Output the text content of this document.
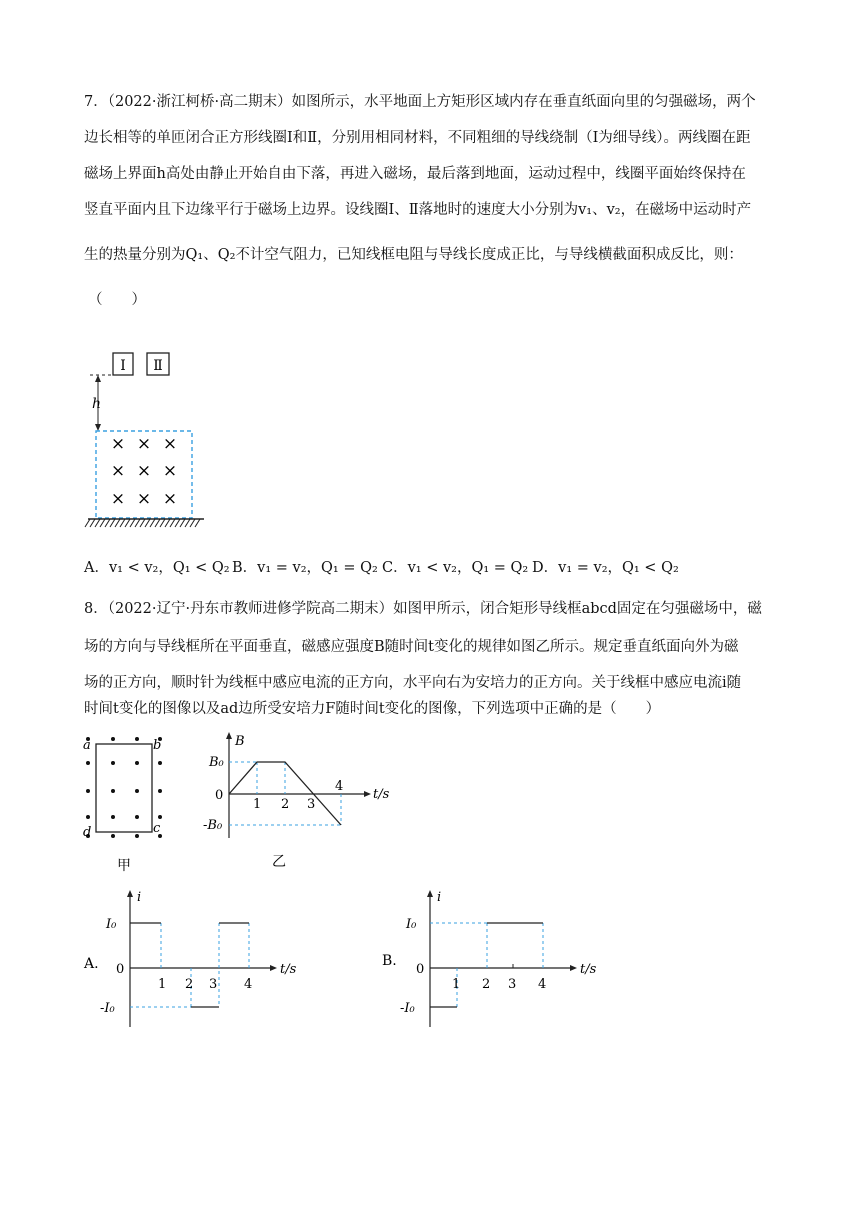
7．（2022·浙江柯桥·高二期末）如图所示，水平地面上方矩形区域内存在垂直纸面向里的匀强磁场，两个
边长相等的单匝闭合正方形线圈Ⅰ和Ⅱ，分别用相同材料，不同粗细的导线绕制（Ⅰ为细导线）。两线圈在距
磁场上界面h高处由静止开始自由下落，再进入磁场，最后落到地面，运动过程中，线圈平面始终保持在
竖直平面内且下边缘平行于磁场上边界。设线圈Ⅰ、Ⅱ落地时的速度大小分别为v₁、v₂，在磁场中运动时产
生的热量分别为Q₁、Q₂不计空气阻力，已知线框电阻与导线长度成正比，与导线横截面积成反比，则：
（　　）
Ⅰ Ⅱ
h
×
×
×
×
×
×
×
×
×
A．v₁ < v₂，Q₁ < Q₂ B．v₁ = v₂，Q₁ = Q₂ C．v₁ < v₂，Q₁ = Q₂ D．v₁ = v₂，Q₁ < Q₂
8．（2022·辽宁·丹东市教师进修学院高二期末）如图甲所示，闭合矩形导线框abcd固定在匀强磁场中，磁
场的方向与导线框所在平面垂直，磁感应强度B随时间t变化的规律如图乙所示。规定垂直纸面向外为磁
场的正方向，顺时针为线框中感应电流的正方向，水平向右为安培力的正方向。关于线框中感应电流i随
时间t变化的图像以及ad边所受安培力F随时间t变化的图像，下列选项中正确的是（　　）
a	b
c
d
甲
B
t/s
0
B₀
-B₀
1 2 3
4
乙
A.
i
t/s
0
I₀
-I₀
1 2 3 4
B.
i
t/s
0
I₀
-I₀
1 2 3 4
